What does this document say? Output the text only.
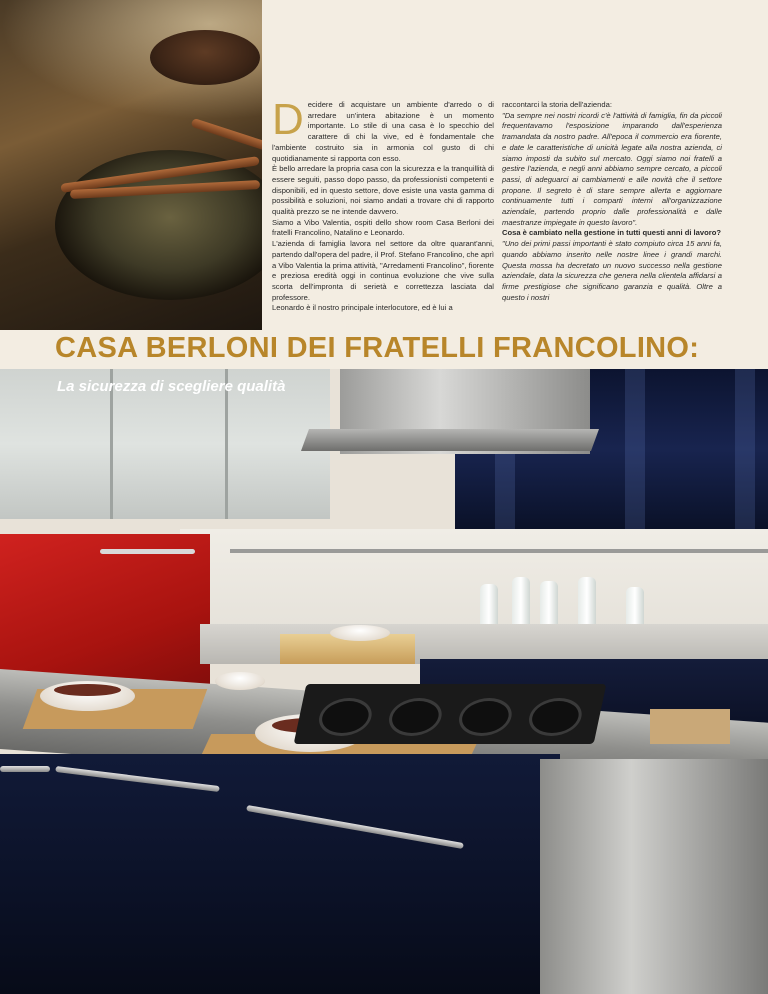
D ecidere di acquistare un ambiente d'arredo o di arredare un'intera abitazione è un momento importante. Lo stile di una casa è lo specchio del carattere di chi la vive, ed è fondamentale che l'ambiente costruito sia in armonia col gusto di chi quotidianamente si rapporta con esso.

È bello arredare la propria casa con la sicurezza e la tranquillità di essere seguiti, passo dopo passo, da professionisti competenti e disponibili, ed in questo settore, dove esiste una vasta gamma di possibilità e soluzioni, noi siamo andati a trovare chi di rapporto qualità prezzo se ne intende davvero.

Siamo a Vibo Valentia, ospiti dello show room Casa Berloni dei fratelli Francolino, Natalino e Leonardo.

L'azienda di famiglia lavora nel settore da oltre quarant'anni, partendo dall'opera del padre, il Prof. Stefano Francolino, che aprì a Vibo Valentia la prima attività, "Arredamenti Francolino", fiorente e preziosa eredità oggi in continua evoluzione che vive sulla scorta dell'impronta di serietà e correttezza lasciata dal professore.

Leonardo è il nostro principale interlocutore, ed è lui a

raccontarci la storia dell'azienda:

"Da sempre nei nostri ricordi c'è l'attività di famiglia, fin da piccoli frequentavamo l'esposizione imparando dall'esperienza tramandata da nostro padre. All'epoca il commercio era fiorente, e date le caratteristiche di unicità legate alla nostra azienda, ci siamo imposti da subito sul mercato. Oggi siamo noi fratelli a gestire l'azienda, e negli anni abbiamo sempre cercato, a piccoli passi, di adeguarci ai cambiamenti e alle novità che il settore propone. Il segreto è di stare sempre allerta e aggiornare continuamente tutti i comparti interni all'organizzazione aziendale, partendo proprio dalle professionalità e dalle maestranze impiegate in questo lavoro".

Cosa è cambiato nella gestione in tutti questi anni di lavoro?

"Uno dei primi passi importanti è stato compiuto circa 15 anni fa, quando abbiamo inserito nelle nostre linee i grandi marchi. Questa mossa ha decretato un nuovo successo nella gestione aziendale, data la sicurezza che genera nella clientela affidarsi a firme prestigiose che significano garanzia e qualità. Oltre a questo i nostri

CASA BERLONI DEI FRATELLI FRANCOLINO:
La sicurezza di scegliere qualità
